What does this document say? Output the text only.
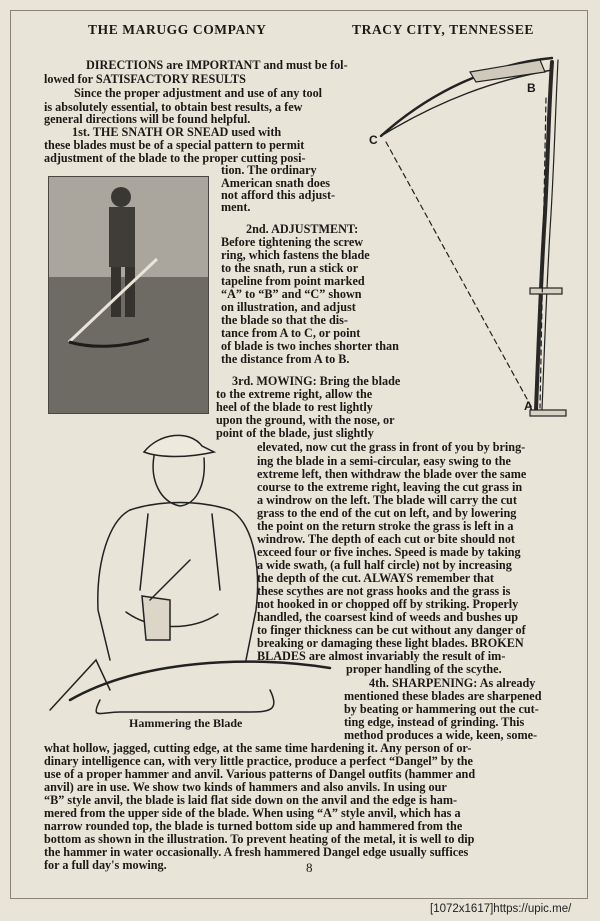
THE MARUGG COMPANY	TRACY CITY, TENNESSEE
B
C
A
DIRECTIONS are IMPORTANT and must be fol-
lowed for SATISFACTORY RESULTS
Since the proper adjustment and use of any tool
is absolutely essential, to obtain best results, a few
general directions will be found helpful.
1st. THE SNATH OR SNEAD used with
these blades must be of a special pattern to permit
adjustment of the blade to the proper cutting posi-
tion. The ordinary
American snath does
not afford this adjust-
ment.
2nd. ADJUSTMENT:
Before tightening the screw
ring, which fastens the blade
to the snath, run a stick or
tapeline from point marked
“A” to “B” and “C” shown
on illustration, and adjust
the blade so that the dis-
tance from A to C, or point
of blade is two inches shorter than
the distance from A to B.
3rd. MOWING: Bring the blade
to the extreme right, allow the
heel of the blade to rest lightly
upon the ground, with the nose, or
point of the blade, just slightly
elevated, now cut the grass in front of you by bring-
ing the blade in a semi-circular, easy swing to the
extreme left, then withdraw the blade over the same
course to the extreme right, leaving the cut grass in
a windrow on the left. The blade will carry the cut
grass to the end of the cut on left, and by lowering
the point on the return stroke the grass is left in a
windrow. The depth of each cut or bite should not
exceed four or five inches. Speed is made by taking
a wide swath, (a full half circle) not by increasing
the depth of the cut. ALWAYS remember that
these scythes are not grass hooks and the grass is
not hooked in or chopped off by striking. Properly
handled, the coarsest kind of weeds and bushes up
to finger thickness can be cut without any danger of
breaking or damaging these light blades. BROKEN
BLADES are almost invariably the result of im-
proper handling of the scythe.
4th. SHARPENING: As already
mentioned these blades are sharpened
by beating or hammering out the cut-
ting edge, instead of grinding. This
method produces a wide, keen, some-
what hollow, jagged, cutting edge, at the same time hardening it. Any person of or-
dinary intelligence can, with very little practice, produce a perfect “Dangel” by the
use of a proper hammer and anvil. Various patterns of Dangel outfits (hammer and
anvil) are in use. We show two kinds of hammers and also anvils. In using our
“B” style anvil, the blade is laid flat side down on the anvil and the edge is ham-
mered from the upper side of the blade. When using “A” style anvil, which has a
narrow rounded top, the blade is turned bottom side up and hammered from the
bottom as shown in the illustration. To prevent heating of the metal, it is well to dip
the hammer in water occasionally. A fresh hammered Dangel edge usually suffices
for a full day's mowing.
Hammering the Blade
8
[1072x1617]https://upic.me/
